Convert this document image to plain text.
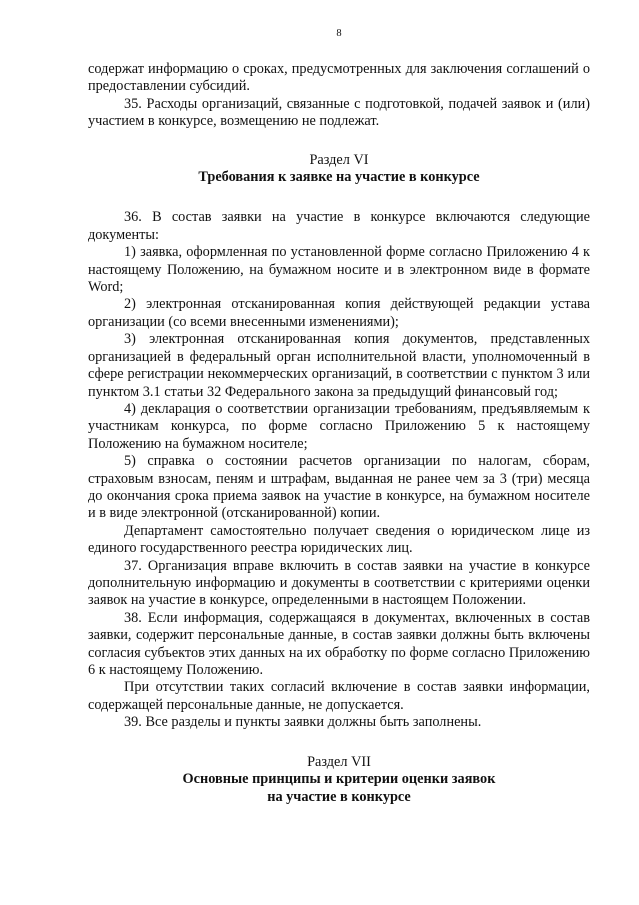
8

содержат информацию о сроках, предусмотренных для заключения соглашений о предоставлении субсидий.

35. Расходы организаций, связанные с подготовкой, подачей заявок и (или) участием в конкурсе, возмещению не подлежат.

Раздел VI
Требования к заявке на участие в конкурсе

36. В состав заявки на участие в конкурсе включаются следующие документы:

1) заявка, оформленная по установленной форме согласно Приложению 4 к настоящему Положению, на бумажном носите и в электронном виде в формате Word;

2) электронная отсканированная копия действующей редакции устава организации (со всеми внесенными изменениями);

3) электронная отсканированная копия документов, представленных организацией в федеральный орган исполнительной власти, уполномоченный в сфере регистрации некоммерческих организаций, в соответствии с пунктом 3 или пунктом 3.1 статьи 32 Федерального закона за предыдущий финансовый год;

4) декларация о соответствии организации требованиям, предъявляемым к участникам конкурса, по форме согласно Приложению 5 к настоящему Положению на бумажном носителе;

5) справка о состоянии расчетов организации по налогам, сборам, страховым взносам, пеням и штрафам, выданная не ранее чем за 3 (три) месяца до окончания срока приема заявок на участие в конкурсе, на бумажном носителе и в виде электронной (отсканированной) копии.

Департамент самостоятельно получает сведения о юридическом лице из единого государственного реестра юридических лиц.

37. Организация вправе включить в состав заявки на участие в конкурсе дополнительную информацию и документы в соответствии с критериями оценки заявок на участие в конкурсе, определенными в настоящем Положении.

38. Если информация, содержащаяся в документах, включенных в состав заявки, содержит персональные данные, в состав заявки должны быть включены согласия субъектов этих данных на их обработку по форме согласно Приложению 6 к настоящему Положению.

При отсутствии таких согласий включение в состав заявки информации, содержащей персональные данные, не допускается.

39. Все разделы и пункты заявки должны быть заполнены.

Раздел VII
Основные принципы и критерии оценки заявок
на участие в конкурсе
